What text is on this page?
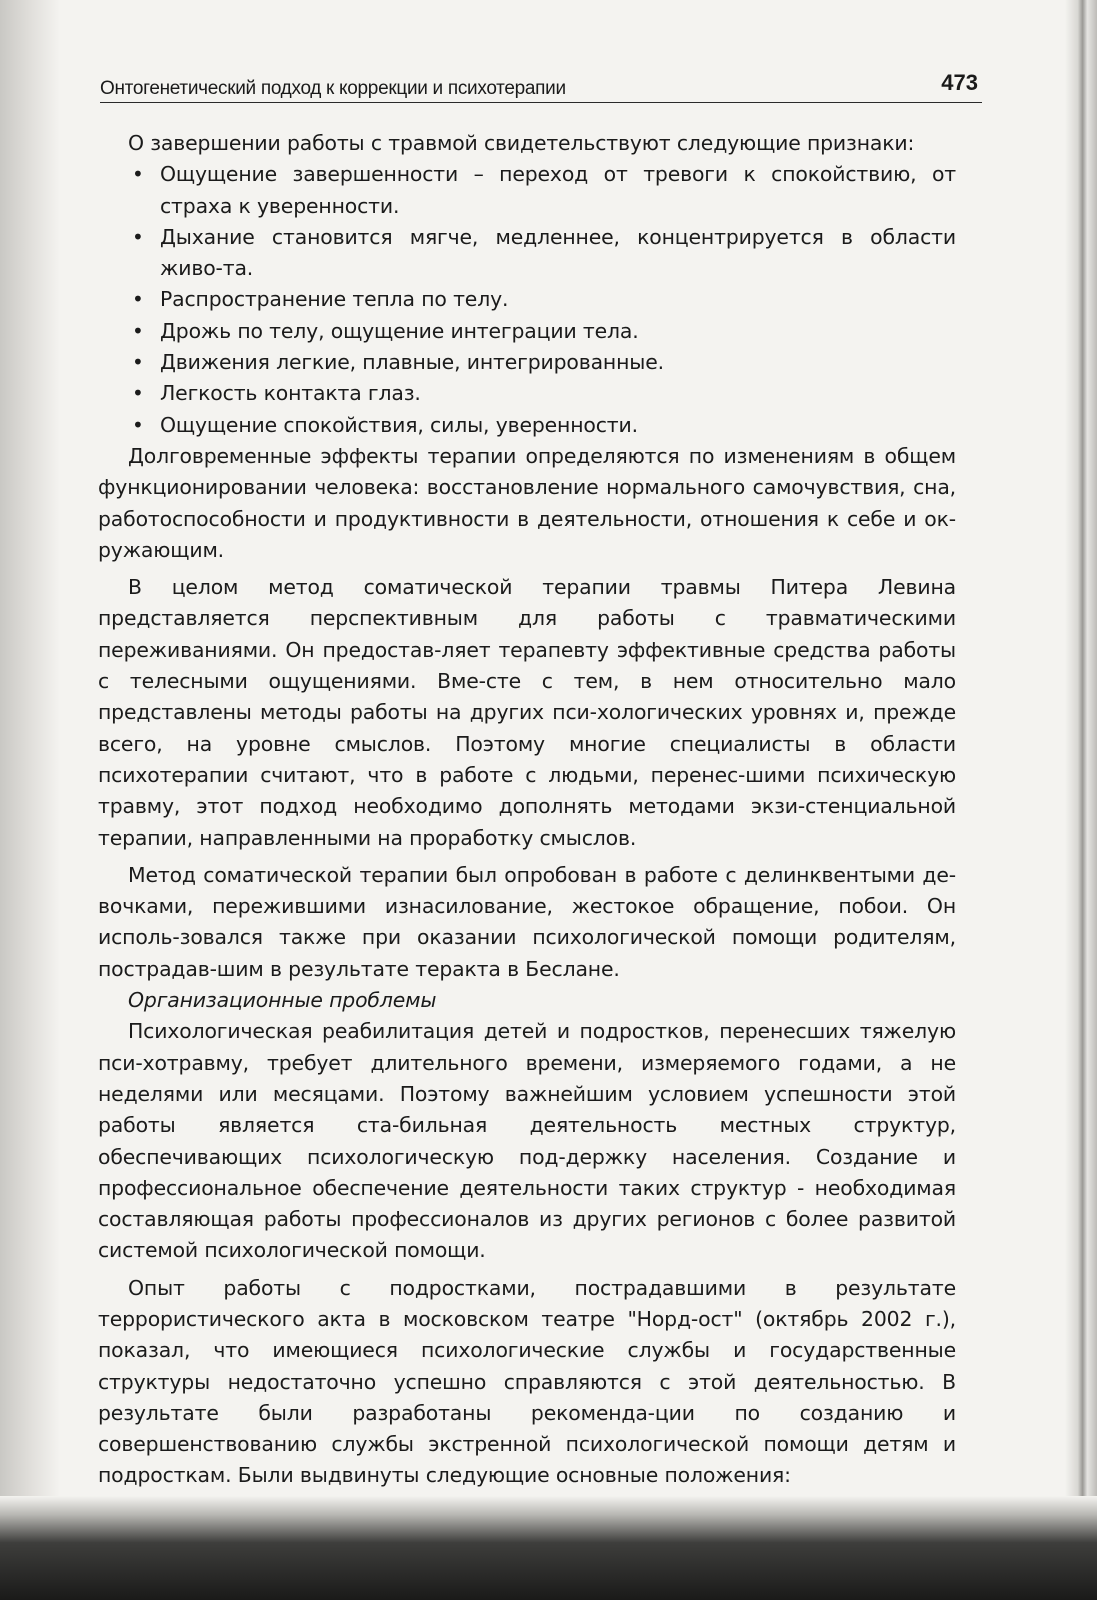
Онтогенетический подход к коррекции и психотерапии	473

О завершении работы с травмой свидетельствуют следующие признаки:

• Ощущение завершенности – переход от тревоги к спокойствию, от страха к уверенности.
• Дыхание становится мягче, медленнее, концентрируется в области живо-та.
• Распространение тепла по телу.
• Дрожь по телу, ощущение интеграции тела.
• Движения легкие, плавные, интегрированные.
• Легкость контакта глаз.
• Ощущение спокойствия, силы, уверенности.

Долговременные эффекты терапии определяются по изменениям в общем функционировании человека: восстановление нормального самочувствия, сна, работоспособности и продуктивности в деятельности, отношения к себе и ок-ружающим.

В целом метод соматической терапии травмы Питера Левина представляется перспективным для работы с травматическими переживаниями. Он предостав-ляет терапевту эффективные средства работы с телесными ощущениями. Вме-сте с тем, в нем относительно мало представлены методы работы на других пси-хологических уровнях и, прежде всего, на уровне смыслов. Поэтому многие специалисты в области психотерапии считают, что в работе с людьми, перенес-шими психическую травму, этот подход необходимо дополнять методами экзи-стенциальной терапии, направленными на проработку смыслов.

Метод соматической терапии был опробован в работе с делинквентыми де-вочками, пережившими изнасилование, жестокое обращение, побои. Он исполь-зовался также при оказании психологической помощи родителям, пострадав-шим в результате теракта в Беслане.

Организационные проблемы

Психологическая реабилитация детей и подростков, перенесших тяжелую пси-хотравму, требует длительного времени, измеряемого годами, а не неделями или месяцами. Поэтому важнейшим условием успешности этой работы является ста-бильная деятельность местных структур, обеспечивающих психологическую под-держку населения. Создание и профессиональное обеспечение деятельности таких структур - необходимая составляющая работы профессионалов из других регионов с более развитой системой психологической помощи.

Опыт работы с подростками, пострадавшими в результате террористического акта в московском театре "Норд-ост" (октябрь 2002 г.), показал, что имеющиеся психологические службы и государственные структуры недостаточно успешно справляются с этой деятельностью. В результате были разработаны рекоменда-ции по созданию и совершенствованию службы экстренной психологической помощи детям и подросткам. Были выдвинуты следующие основные положения:
